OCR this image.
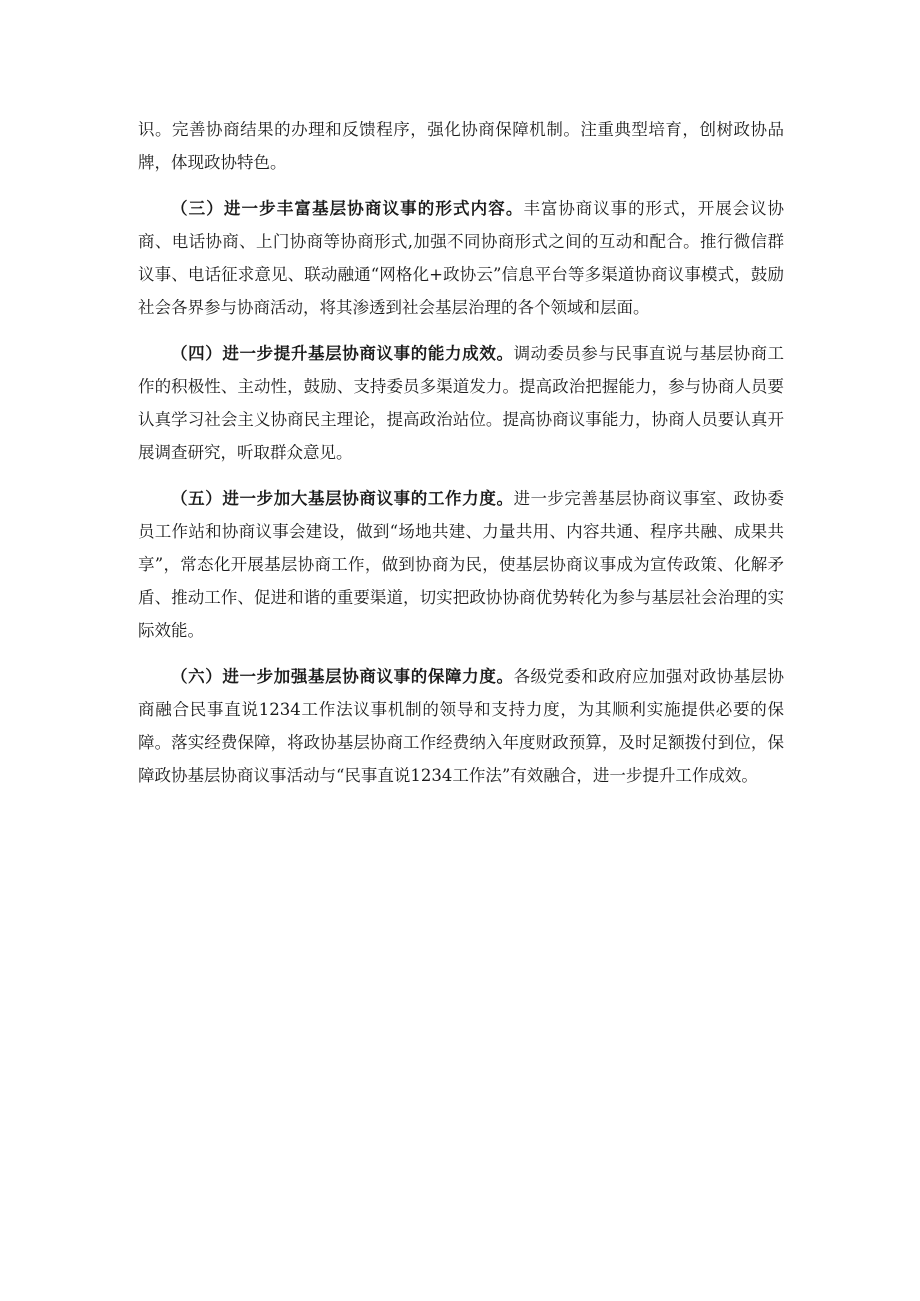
识。完善协商结果的办理和反馈程序，强化协商保障机制。注重典型培育，创树政协品牌，体现政协特色。

（三）进一步丰富基层协商议事的形式内容。丰富协商议事的形式，开展会议协商、电话协商、上门协商等协商形式,加强不同协商形式之间的互动和配合。推行微信群议事、电话征求意见、联动融通“网格化+政协云”信息平台等多渠道协商议事模式，鼓励社会各界参与协商活动，将其渗透到社会基层治理的各个领域和层面。

（四）进一步提升基层协商议事的能力成效。调动委员参与民事直说与基层协商工作的积极性、主动性，鼓励、支持委员多渠道发力。提高政治把握能力，参与协商人员要认真学习社会主义协商民主理论，提高政治站位。提高协商议事能力，协商人员要认真开展调查研究，听取群众意见。

（五）进一步加大基层协商议事的工作力度。进一步完善基层协商议事室、政协委员工作站和协商议事会建设，做到“场地共建、力量共用、内容共通、程序共融、成果共享”，常态化开展基层协商工作，做到协商为民，使基层协商议事成为宣传政策、化解矛盾、推动工作、促进和谐的重要渠道，切实把政协协商优势转化为参与基层社会治理的实际效能。

（六）进一步加强基层协商议事的保障力度。各级党委和政府应加强对政协基层协商融合民事直说1234工作法议事机制的领导和支持力度，为其顺利实施提供必要的保障。落实经费保障，将政协基层协商工作经费纳入年度财政预算，及时足额拨付到位，保障政协基层协商议事活动与“民事直说1234工作法”有效融合，进一步提升工作成效。
